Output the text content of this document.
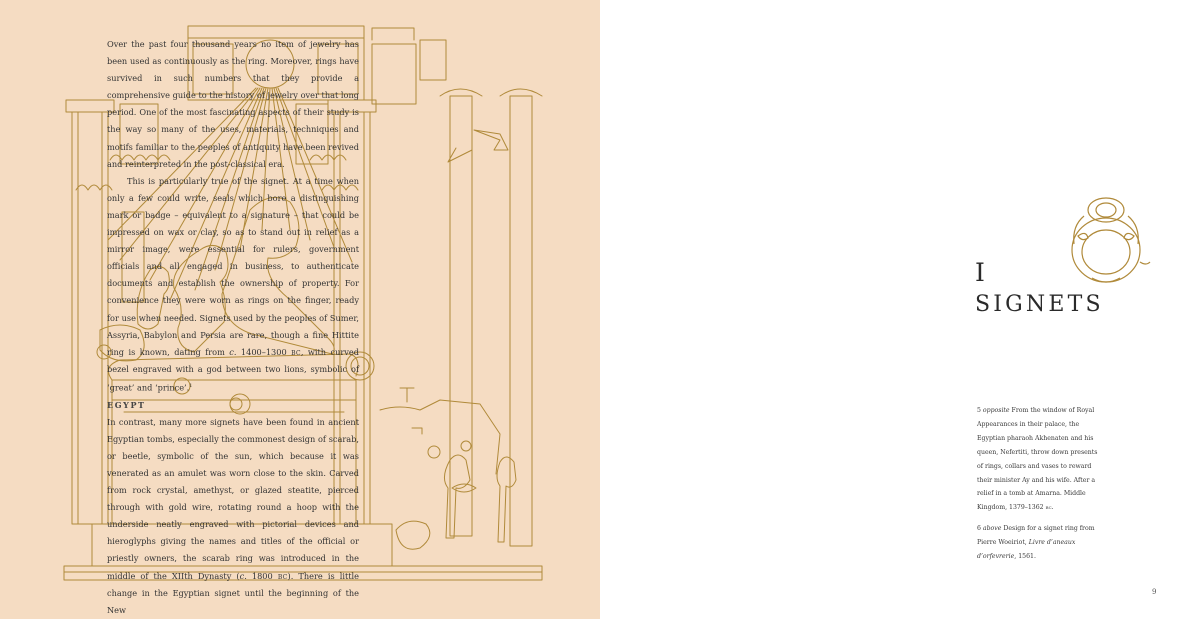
Over the past four thousand years no item of jewelry has been used as continuously as the ring. Moreover, rings have survived in such numbers that they provide a comprehensive guide to the history of jewelry over that long period. One of the most fascinating aspects of their study is the way so many of the uses, materials, techniques and motifs familiar to the peoples of antiquity have been revived and reinterpreted in the post-classical era.

This is particularly true of the signet. At a time when only a few could write, seals which bore a distinguishing mark or badge – equivalent to a signature – that could be impressed on wax or clay, so as to stand out in relief as a mirror image, were essential for rulers, government officials and all engaged in business, to authenticate documents and establish the ownership of property. For convenience they were worn as rings on the finger, ready for use when needed. Signets used by the peoples of Sumer, Assyria, Babylon and Persia are rare, though a fine Hittite ring is known, dating from c. 1400–1300 bc, with curved bezel engraved with a god between two lions, symbolic of ‘great’ and ‘prince’.$^1$

EGYPT

In contrast, many more signets have been found in ancient Egyptian tombs, especially the commonest design of scarab, or beetle, symbolic of the sun, which because it was venerated as an amulet was worn close to the skin. Carved from rock crystal, amethyst, or glazed steatite, pierced through with gold wire, rotating round a hoop with the underside neatly engraved with pictorial devices and hieroglyphs giving the names and titles of the official or priestly owners, the scarab ring was introduced in the middle of the XIIth Dynasty (c. 1800 bc). There is little change in the Egyptian signet until the beginning of the New

I

SIGNETS

5 opposite From the window of Royal Appearances in their palace, the Egyptian pharaoh Akhenaten and his queen, Nefertiti, throw down presents of rings, collars and vases to reward their minister Ay and his wife. After a relief in a tomb at Amarna. Middle Kingdom, 1379–1362 bc.

6 above Design for a signet ring from Pierre Woeiriot, Livre d’aneaux d’orfevrerie, 1561.

9
